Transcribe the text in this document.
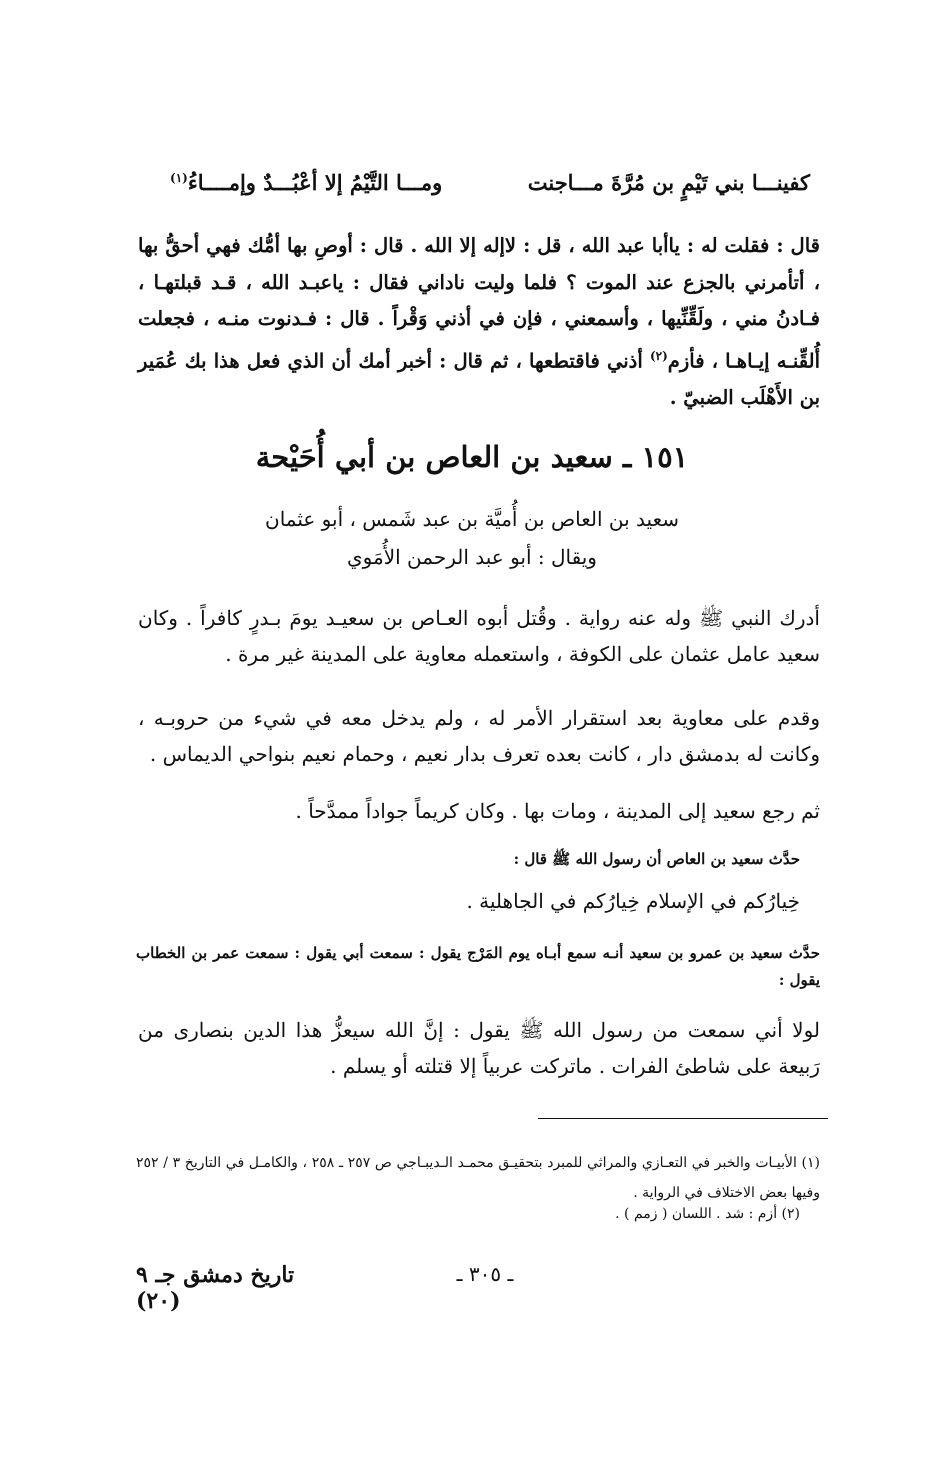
كفينـــا بني تَيْمٍ بن مُرَّةَ مـــاجنت
ومـــا التَّيْمُ إلا أعْبُـــدٌ وإمــــاءُ$^{(١)}$
قال : فقلت له : ياأبا عبد الله ، قل : لاإله إلا الله . قال : أوصِ بها أمُّك فهي أحقُّ بها ، أتأمرني بالجزع عند الموت ؟ فلما وليت ناداني فقال : ياعبـد الله ، قـد قبلتهـا ، فـادنُ مني ، ولَقِّنِّيها ، وأسمعني ، فإن في أذني وَقْراً . قال : فـدنوت منـه ، فجعلت أُلقِّنـه إيـاهـا ، فأزم$^{(٢)}$ أذني فاقتطعها ، ثم قال : أخبر أمك أن الذي فعل هذا بك عُمَير بن الأَهْلَب الضبيّ .
١٥١ ـ سعيد بن العاص بن أبي أُحَيْحة
سعيد بن العاص بن أُميَّة بن عبد شَمس ، أبو عثمان
ويقال : أبو عبد الرحمن الأُمَوي
أدرك النبي ﷺ وله عنه رواية . وقُتل أبوه العـاص بن سعيـد يومَ بـدرٍ كافراً . وكان سعيد عامل عثمان على الكوفة ، واستعمله معاوية على المدينة غير مرة .
وقدم على معاوية بعد استقرار الأمر له ، ولم يدخل معه في شيء من حروبـه ، وكانت له بدمشق دار ، كانت بعده تعرف بدار نعيم ، وحمام نعيم بنواحي الديماس .
ثم رجع سعيد إلى المدينة ، ومات بها . وكان كريماً جواداً ممدَّحاً .
حدَّث سعيد بن العاص أن رسول الله ﷺ قال :
خِيارُكم في الإسلام خِيارُكم في الجاهلية .
حدَّث سعيد بن عمرو بن سعيد أنـه سمع أبـاه يوم المَرْج يقول : سمعت أبي يقول : سمعت عمر بن الخطاب يقول :
لولا أني سمعت من رسول الله ﷺ يقول : إنَّ الله سيعزُّ هذا الدين بنصارى من رَبيعة على شاطئ الفرات . ماتركت عربياً إلا قتلته أو يسلم .
(١) الأبيـات والخبر في التعـازي والمراثي للمبرد بتحقيـق محمـد الـديبـاجي ص ٢٥٧ ـ ٢٥٨ ، والكامـل في التاريخ ٣ / ٢٥٢ وفيها بعض الاختلاف في الرواية .
(٢) أزم : شد . اللسان ( زمم ) .
ـ ٣٠٥ ـ
تاريخ دمشق جـ ٩ (٢٠)
